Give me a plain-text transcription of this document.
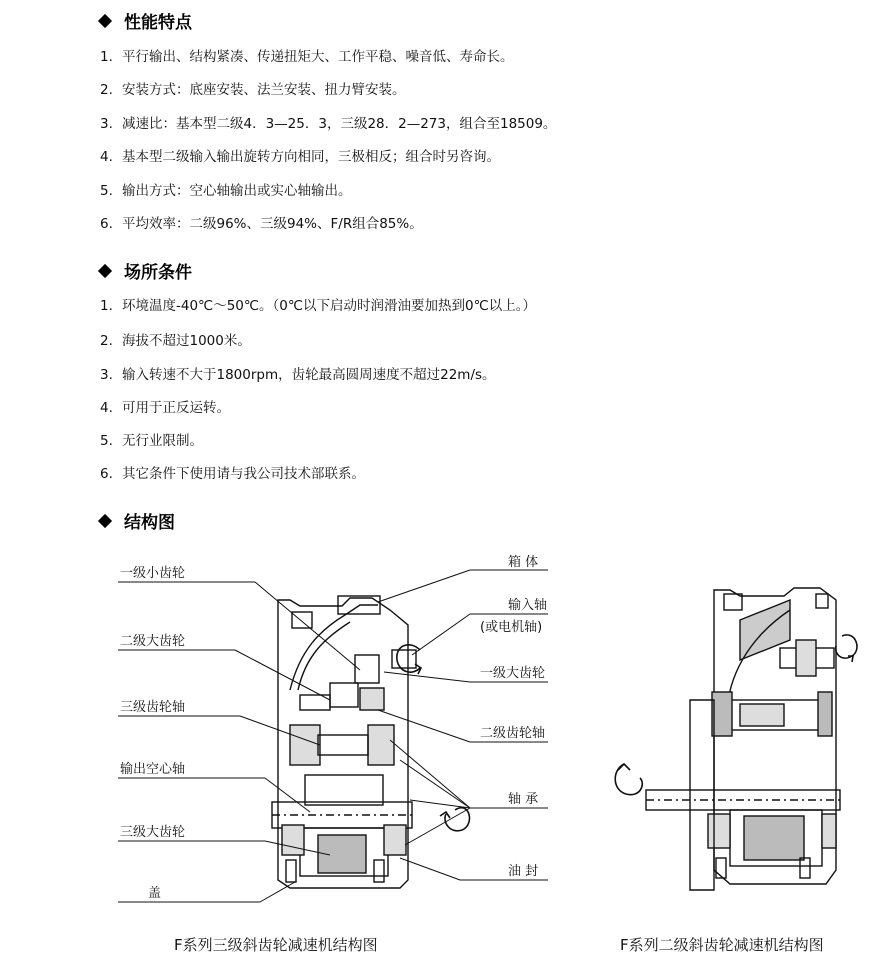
性能特点
1. 平行输出、结构紧凑、传递扭矩大、工作平稳、噪音低、寿命长。
2. 安装方式：底座安装、法兰安装、扭力臂安装。
3. 减速比：基本型二级4．3—25．3，三级28．2—273，组合至18509。
4. 基本型二级输入输出旋转方向相同，三极相反；组合时另咨询。
5. 输出方式：空心轴输出或实心轴输出。
6. 平均效率：二级96%、三级94%、F/R组合85%。
场所条件
1. 环境温度-40℃～50℃。（0℃以下启动时润滑油要加热到0℃以上。）
2. 海拔不超过1000米。
3. 输入转速不大于1800rpm，齿轮最高圆周速度不超过22m/s。
4. 可用于正反运转。
5. 无行业限制。
6. 其它条件下使用请与我公司技术部联系。
结构图
一级小齿轮
二级大齿轮
三级齿轮轴
输出空心轴
三级大齿轮
盖
箱 体
输入轴
(或电机轴)
一级大齿轮
二级齿轮轴
轴 承
油 封
F系列三级斜齿轮减速机结构图	F系列二级斜齿轮减速机结构图
